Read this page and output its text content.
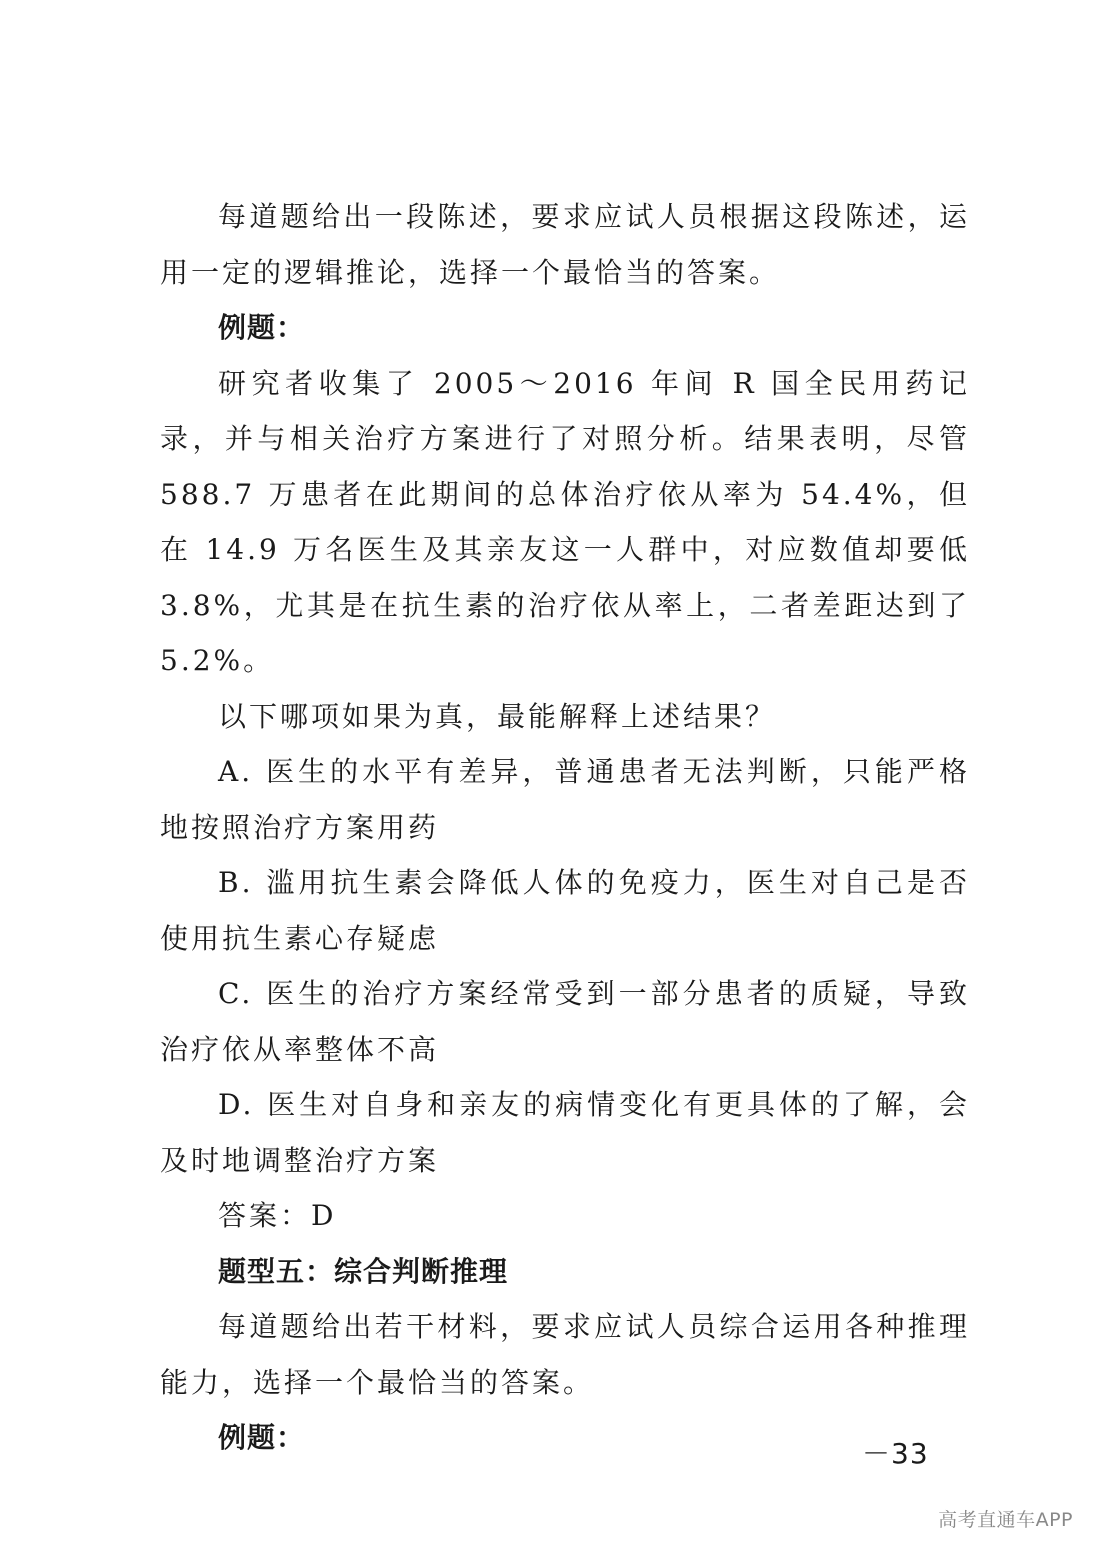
每道题给出一段陈述，要求应试人员根据这段陈述，运用一定的逻辑推论，选择一个最恰当的答案。

例题：

研究者收集了 2005～2016 年间 R 国全民用药记录，并与相关治疗方案进行了对照分析。结果表明，尽管 588.7 万患者在此期间的总体治疗依从率为 54.4%，但在 14.9 万名医生及其亲友这一人群中，对应数值却要低 3.8%，尤其是在抗生素的治疗依从率上，二者差距达到了 5.2%。

以下哪项如果为真，最能解释上述结果？

A. 医生的水平有差异，普通患者无法判断，只能严格地按照治疗方案用药

B. 滥用抗生素会降低人体的免疫力，医生对自己是否使用抗生素心存疑虑

C. 医生的治疗方案经常受到一部分患者的质疑，导致治疗依从率整体不高

D. 医生对自身和亲友的病情变化有更具体的了解，会及时地调整治疗方案

答案：D

题型五：综合判断推理

每道题给出若干材料，要求应试人员综合运用各种推理能力，选择一个最恰当的答案。

例题：	－33
高考直通车APP
